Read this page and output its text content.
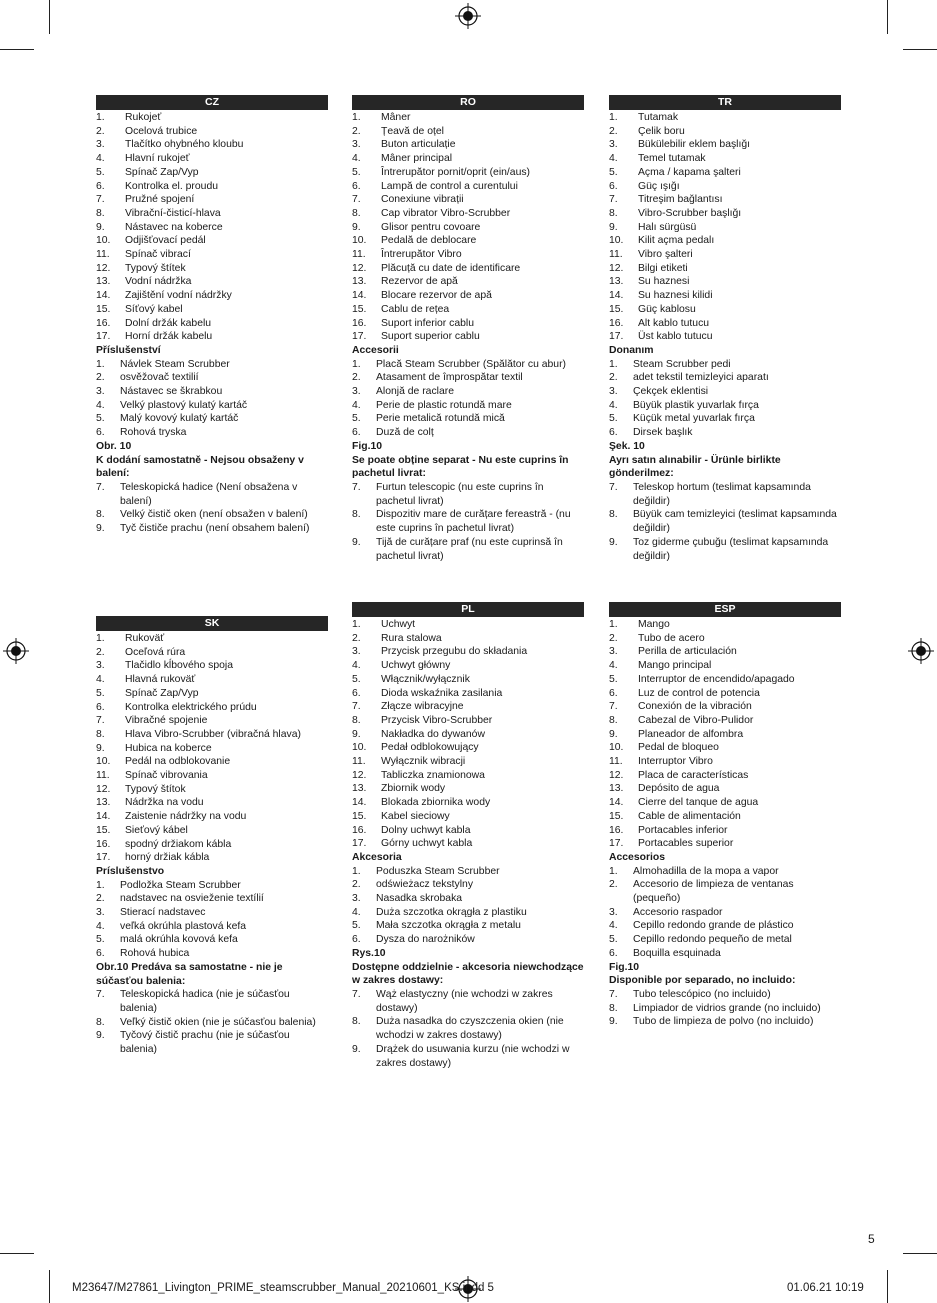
CZ
1.	Rukojeť
2.	Ocelová trubice
3.	Tlačítko ohybného kloubu
4.	Hlavní rukojeť
5.	Spínač Zap/Vyp
6.	Kontrolka el. proudu
7.	Pružné spojení
8.	Vibrační-čisticí-hlava
9.	Nástavec na koberce
10.	Odjišťovací pedál
11.	Spínač vibrací
12.	Typový štítek
13.	Vodní nádržka
14.	Zajištění vodní nádržky
15.	Síťový kabel
16.	Dolní držák kabelu
17.	Horní držák kabelu
Příslušenství
1.	Návlek Steam Scrubber
2.	osvěžovač textilií
3.	Nástavec se škrabkou
4.	Velký plastový kulatý kartáč
5.	Malý kovový kulatý kartáč
6.	Rohová tryska
Obr. 10
K dodání samostatně - Nejsou obsaženy v balení:
7.	Teleskopická hadice (Není obsažena v balení)
8.	Velký čistič oken (není obsažen v balení)
9.	Tyč čističe prachu (není obsahem balení)
RO
1.	Mâner
2.	Țeavă de oțel
3.	Buton articulație
4.	Mâner principal
5.	Întrerupător pornit/oprit (ein/aus)
6.	Lampă de control a curentului
7.	Conexiune vibrații
8.	Cap vibrator Vibro-Scrubber
9.	Glisor pentru covoare
10.	Pedală de deblocare
11.	Întrerupător Vibro
12.	Plăcuță cu date de identificare
13.	Rezervor de apă
14.	Blocare rezervor de apă
15.	Cablu de rețea
16.	Suport inferior cablu
17.	Suport superior cablu
Accesorii
1.	Placă Steam Scrubber (Spălător cu abur)
2.	Atasament de împrospătar textil
3.	Alonjă de raclare
4.	Perie de plastic rotundă mare
5.	Perie metalică rotundă mică
6.	Duză de colț
Fig.10
Se poate obține separat - Nu este cuprins în pachetul livrat:
7.	Furtun telescopic (nu este cuprins în pachetul livrat)
8.	Dispozitiv mare de curățare fereastră - (nu este cuprins în pachetul livrat)
9.	Tijă de curățare praf (nu este cuprinsă în pachetul livrat)
TR
1.	Tutamak
2.	Çelik boru
3.	Bükülebilir eklem başlığı
4.	Temel tutamak
5.	Açma / kapama şalteri
6.	Güç ışığı
7.	Titreşim bağlantısı
8.	Vibro-Scrubber başlığı
9.	Halı sürgüsü
10.	Kilit açma pedalı
11.	Vibro şalteri
12.	Bilgi etiketi
13.	Su haznesi
14.	Su haznesi kilidi
15.	Güç kablosu
16.	Alt kablo tutucu
17.	Üst kablo tutucu
Donanım
1.	Steam Scrubber pedi
2.	adet tekstil temizleyici aparatı
3.	Çekçek eklentisi
4.	Büyük plastik yuvarlak fırça
5.	Küçük metal yuvarlak fırça
6.	Dirsek başlık
Şek. 10
Ayrı satın alınabilir - Ürünle birlikte gönderilmez:
7.	Teleskop hortum (teslimat kapsamında değildir)
8.	Büyük cam temizleyici (teslimat kapsamında değildir)
9.	Toz giderme çubuğu (teslimat kapsamında değildir)
SK
1.	Rukoväť
2.	Oceľová rúra
3.	Tlačidlo kĺbového spoja
4.	Hlavná rukoväť
5.	Spínač Zap/Vyp
6.	Kontrolka elektrického prúdu
7.	Vibračné spojenie
8.	Hlava Vibro-Scrubber (vibračná hlava)
9.	Hubica na koberce
10.	Pedál na odblokovanie
11.	Spínač vibrovania
12.	Typový štítok
13.	Nádržka na vodu
14.	Zaistenie nádržky na vodu
15.	Sieťový kábel
16.	spodný držiakom kábla
17.	horný držiak kábla
Príslušenstvo
1.	Podložka Steam Scrubber
2.	nadstavec na osvieženie textílií
3.	Stierací nadstavec
4.	veľká okrúhla plastová kefa
5.	malá okrúhla kovová kefa
6.	Rohová hubica
Obr.10 Predáva sa samostatne - nie je súčasťou balenia:
7.	Teleskopická hadica (nie je súčasťou balenia)
8.	Veľký čistič okien (nie je súčasťou balenia)
9.	Tyčový čistič prachu (nie je súčasťou balenia)
PL
1.	Uchwyt
2.	Rura stalowa
3.	Przycisk przegubu do składania
4.	Uchwyt główny
5.	Włącznik/wyłącznik
6.	Dioda wskaźnika zasilania
7.	Złącze wibracyjne
8.	Przycisk Vibro-Scrubber
9.	Nakładka do dywanów
10.	Pedał odblokowujący
11.	Wyłącznik wibracji
12.	Tabliczka znamionowa
13.	Zbiornik wody
14.	Blokada zbiornika wody
15.	Kabel sieciowy
16.	Dolny uchwyt kabla
17.	Górny uchwyt kabla
Akcesoria
1.	Poduszka Steam Scrubber
2.	odświeżacz tekstylny
3.	Nasadka skrobaka
4.	Duża szczotka okrągła z plastiku
5.	Mała szczotka okrągła z metalu
6.	Dysza do narożników
Rys.10
Dostępne oddzielnie - akcesoria niewchodzące w zakres dostawy:
7.	Wąż elastyczny (nie wchodzi w zakres dostawy)
8.	Duża nasadka do czyszczenia okien (nie wchodzi w zakres dostawy)
9.	Drążek do usuwania kurzu (nie wchodzi w zakres dostawy)
ESP
1.	Mango
2.	Tubo de acero
3.	Perilla de articulación
4.	Mango principal
5.	Interruptor de encendido/apagado
6.	Luz de control de potencia
7.	Conexión de la vibración
8.	Cabezal de Vibro-Pulidor
9.	Planeador de alfombra
10.	Pedal de bloqueo
11.	Interruptor Vibro
12.	Placa de características
13.	Depósito de agua
14.	Cierre del tanque de agua
15.	Cable de alimentación
16.	Portacables inferior
17.	Portacables superior
Accesorios
1.	Almohadilla de la mopa a vapor
2.	Accesorio de limpieza de ventanas (pequeño)
3.	Accesorio raspador
4.	Cepillo redondo grande de plástico
5.	Cepillo redondo pequeño de metal
6.	Boquilla esquinada
Fig.10
Disponible por separado, no incluido:
7.	Tubo telescópico (no incluido)
8.	Limpiador de vidrios grande (no incluido)
9.	Tubo de limpieza de polvo (no incluido)
5
M23647/M27861_Livington_PRIME_steamscrubber_Manual_20210601_KS.indd 5	01.06.21 10:19
